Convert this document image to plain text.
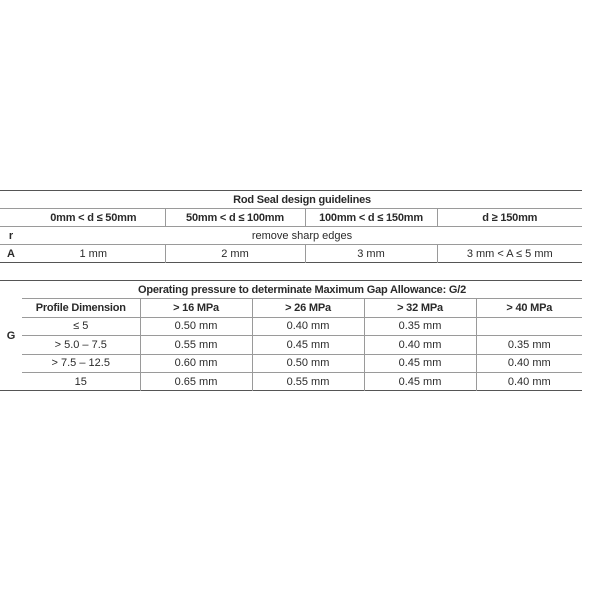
	Rod Seal design guidelines			
	0mm < d ≤ 50mm	50mm < d ≤ 100mm	100mm < d ≤ 150mm	d ≥ 150mm
r	remove sharp edges			
A	1 mm	2 mm	3 mm	3 mm < A ≤ 5 mm
G	Operating pressure to determinate Maximum Gap Allowance: G/2				
	Profile Dimension	> 16 MPa	> 26 MPa	> 32 MPa	> 40 MPa
	≤ 5	0.50 mm	0.40 mm	0.35 mm	
	> 5.0 – 7.5	0.55 mm	0.45 mm	0.40 mm	0.35 mm
	> 7.5 – 12.5	0.60 mm	0.50 mm	0.45 mm	0.40 mm
	15	0.65 mm	0.55 mm	0.45 mm	0.40 mm
